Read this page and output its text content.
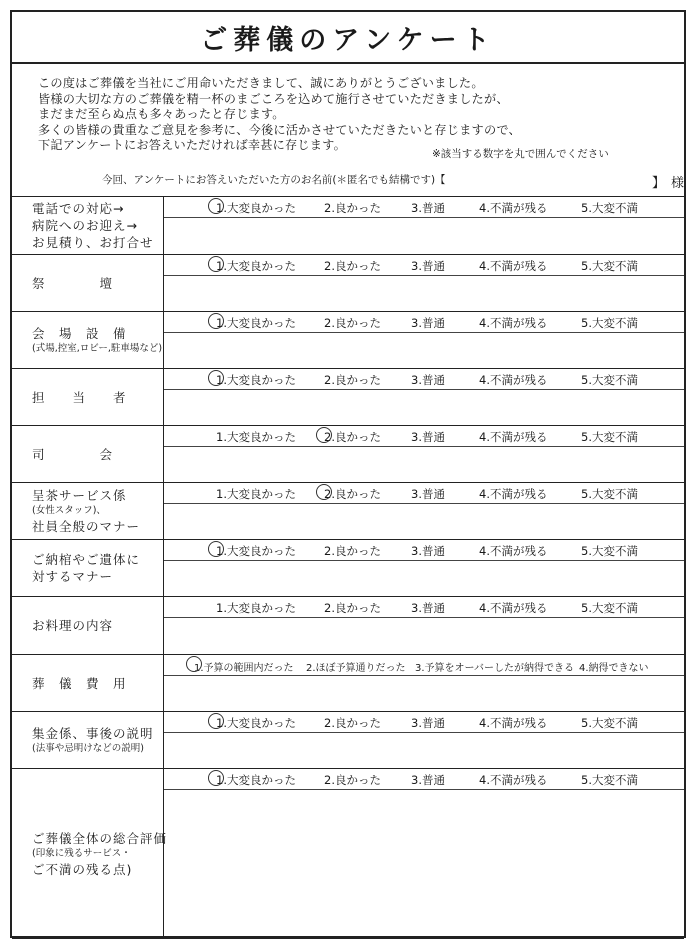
ご葬儀のアンケート
この度はご葬儀を当社にご用命いただきまして、誠にありがとうございました。
皆様の大切な方のご葬儀を精一杯のまごころを込めて施行させていただきましたが、
まだまだ至らぬ点も多々あったと存じます。
多くの皆様の貴重なご意見を参考に、今後に活かさせていただきたいと存じますので、
下記アンケートにお答えいただければ幸甚に存じます。
※該当する数字を丸で囲んでください
今回、アンケートにお答えいただいた方のお名前(＊匿名でも結構です)【	】 様
電話での対応→
病院へのお迎え→
お見積り、お打合せ
1.大変良かった 2.良かった	3.普通	4.不満が残る	5.大変不満
祭　　　　壇
1.大変良かった 2.良かった	3.普通	4.不満が残る	5.大変不満
会　場　設　備
(式場,控室,ロビー,駐車場など)
1.大変良かった 2.良かった	3.普通	4.不満が残る	5.大変不満
担　　当　　者
1.大変良かった 2.良かった	3.普通	4.不満が残る	5.大変不満
司　　　　会
1.大変良かった 2.良かった	3.普通	4.不満が残る	5.大変不満
呈茶サービス係
(女性スタッフ)、
社員全般のマナー
1.大変良かった 2.良かった	3.普通	4.不満が残る	5.大変不満
ご納棺やご遺体に
対するマナー
1.大変良かった 2.良かった	3.普通	4.不満が残る	5.大変不満
お料理の内容
1.大変良かった 2.良かった	3.普通	4.不満が残る	5.大変不満
葬　儀　費　用
1.予算の範囲内だった 2.ほぼ予算通りだった 3.予算をオーバーしたが納得できる 4.納得できない
集金係、事後の説明
(法事や忌明けなどの説明)
1.大変良かった 2.良かった	3.普通	4.不満が残る	5.大変不満
ご葬儀全体の総合評価
(印象に残るサービス・
ご不満の残る点)
1.大変良かった 2.良かった	3.普通	4.不満が残る	5.大変不満
